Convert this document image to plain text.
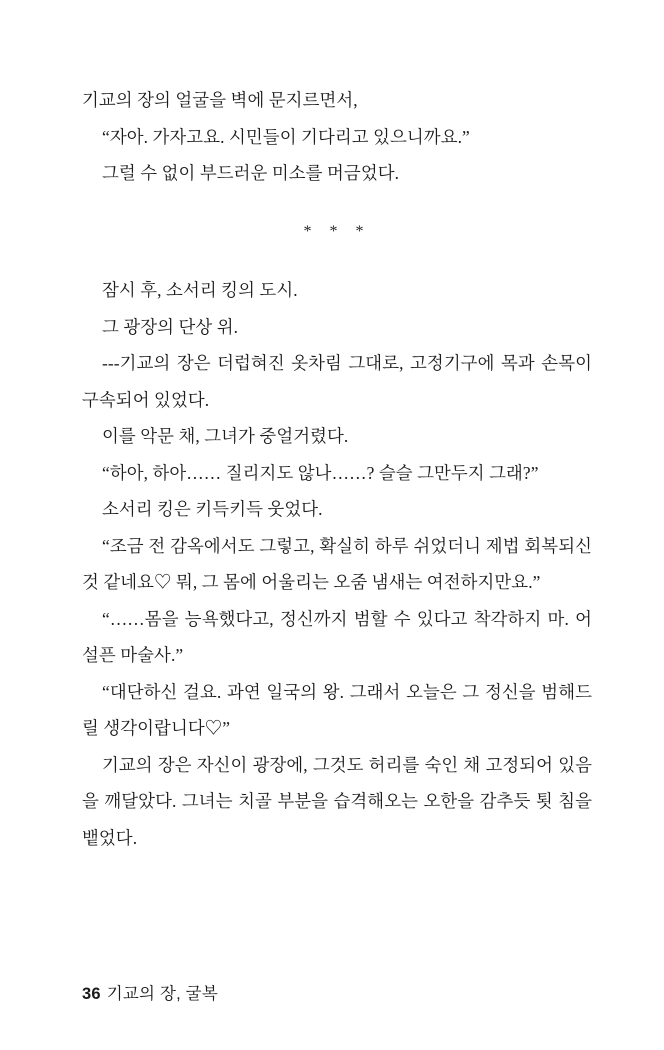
기교의 장의 얼굴을 벽에 문지르면서,

“자아. 가자고요. 시민들이 기다리고 있으니까요.”

그럴 수 없이 부드러운 미소를 머금었다.

* * *

잠시 후, 소서리 킹의 도시.

그 광장의 단상 위.

---기교의 장은 더럽혀진 옷차림 그대로, 고정기구에 목과 손목이 구속되어 있었다.

이를 악문 채, 그녀가 중얼거렸다.

“하아, 하아…… 질리지도 않나……? 슬슬 그만두지 그래?”

소서리 킹은 키득키득 웃었다.

“조금 전 감옥에서도 그렇고, 확실히 하루 쉬었더니 제법 회복되신 것 같네요♡ 뭐, 그 몸에 어울리는 오줌 냄새는 여전하지만요.”

“……몸을 능욕했다고, 정신까지 범할 수 있다고 착각하지 마. 어설픈 마술사.”

“대단하신 걸요. 과연 일국의 왕. 그래서 오늘은 그 정신을 범해드릴 생각이랍니다♡”

기교의 장은 자신이 광장에, 그것도 허리를 숙인 채 고정되어 있음을 깨달았다. 그녀는 치골 부분을 습격해오는 오한을 감추듯 툇 침을 뱉었다.

36 기교의 장, 굴복
